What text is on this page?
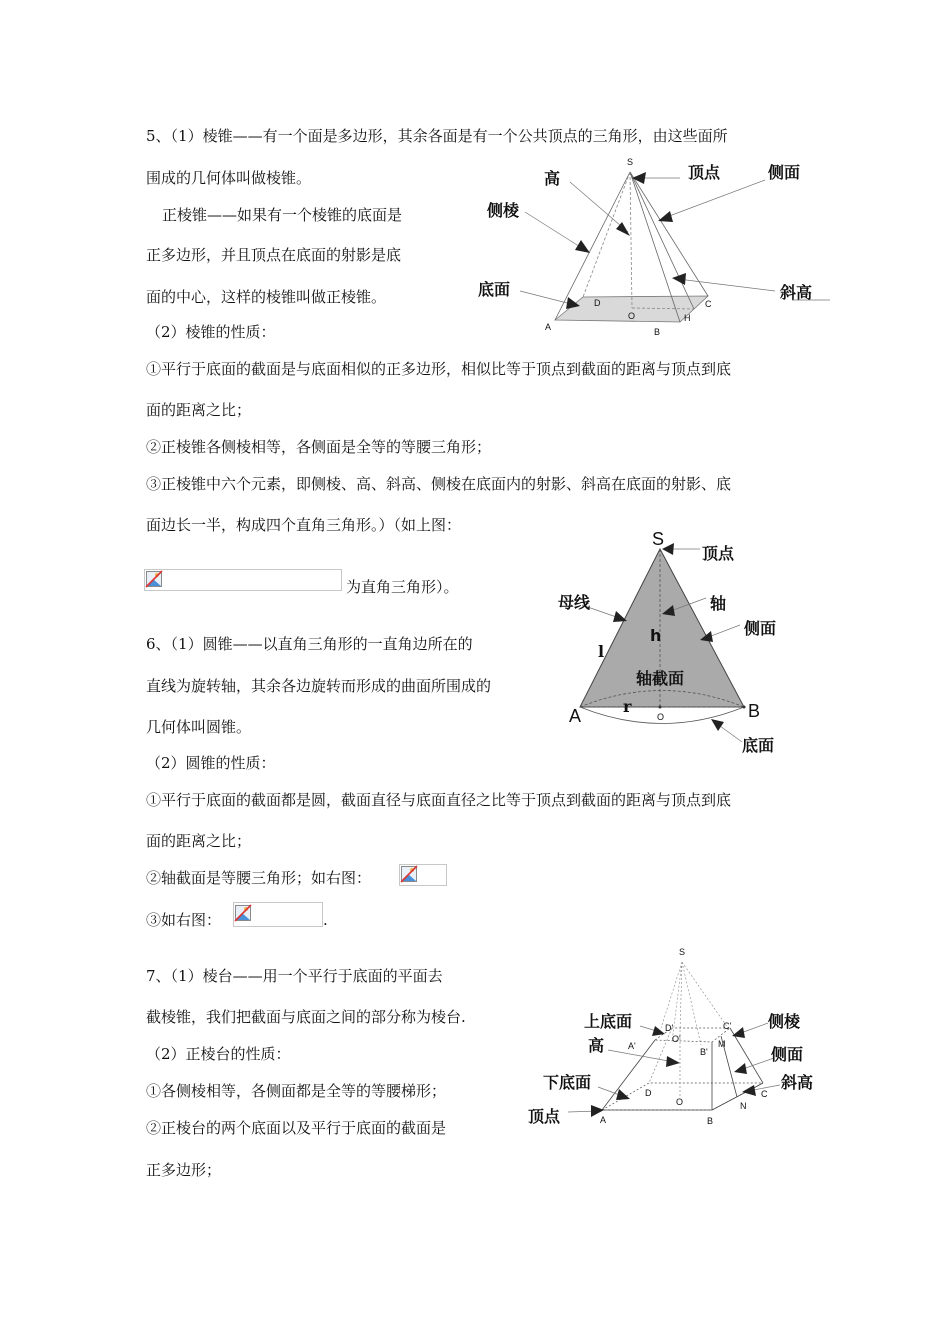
5、（1）棱锥——有一个面是多边形，其余各面是有一个公共顶点的三角形，由这些面所
围成的几何体叫做棱锥。
正棱锥——如果有一个棱锥的底面是
正多边形，并且顶点在底面的射影是底
面的中心，这样的棱锥叫做正棱锥。
（2）棱锥的性质：
①平行于底面的截面是与底面相似的正多边形，相似比等于顶点到截面的距离与顶点到底
面的距离之比；
②正棱锥各侧棱相等，各侧面是全等的等腰三角形；
③正棱锥中六个元素，即侧棱、高、斜高、侧棱在底面内的射影、斜高在底面的射影、底
面边长一半，构成四个直角三角形。）（如上图：
为直角三角形）。
S
高	顶点	侧面
侧棱
底面	斜高
D	C
O	H
A	B
S
顶点
母线	轴
侧面
h
l
轴截面
A	r
O	B
底面
6、（1）圆锥——以直角三角形的一直角边所在的
直线为旋转轴，其余各边旋转而形成的曲面所围成的
几何体叫圆锥。
（2）圆锥的性质：
①平行于底面的截面都是圆，截面直径与底面直径之比等于顶点到截面的距离与顶点到底
面的距离之比；
②轴截面是等腰三角形；如右图：
③如右图：	.
7、（1）棱台——用一个平行于底面的平面去
截棱锥，我们把截面与底面之间的部分称为棱台.
（2）正棱台的性质：
①各侧棱相等，各侧面都是全等的等腰梯形；
②正棱台的两个底面以及平行于底面的截面是
正多边形；
S
上底面	侧棱
D'	C'
高	O'
A'
B'
M
侧面
下底面	斜高
D	C
O	N
顶点	A	B
